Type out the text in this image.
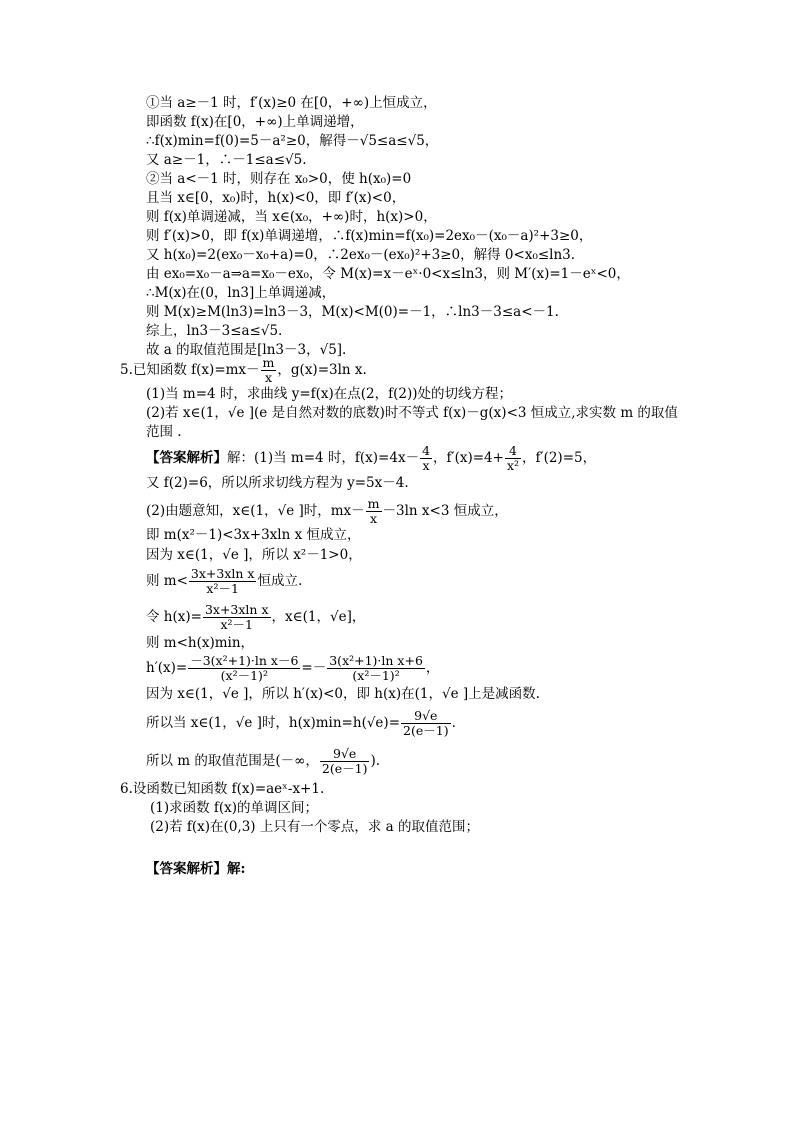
①当 a≥－1 时，f′(x)≥0 在[0，+∞)上恒成立，
即函数 f(x)在[0，+∞)上单调递增，
∴f(x)min=f(0)=5－a²≥0，解得－√5≤a≤√5，
又 a≥－1，∴－1≤a≤√5.
②当 a<－1 时，则存在 x₀>0，使 h(x₀)=0
且当 x∈[0，x₀)时，h(x)<0，即 f′(x)<0，
则 f(x)单调递减，当 x∈(x₀，+∞)时，h(x)>0，
则 f′(x)>0，即 f(x)单调递增，∴f(x)min=f(x₀)=2ex₀－(x₀－a)²+3≥0，
又 h(x₀)=2(ex₀－x₀+a)=0，∴2ex₀－(ex₀)²+3≥0，解得 0<x₀≤ln3.
由 ex₀=x₀－a⇒a=x₀－ex₀，令 M(x)=x－eˣ·0<x≤ln3，则 M′(x)=1－eˣ<0，
∴M(x)在(0，ln3]上单调递减，
则 M(x)≥M(ln3)=ln3－3，M(x)<M(0)=－1，∴ln3－3≤a<－1.
综上，ln3－3≤a≤√5.
故 a 的取值范围是[ln3－3，√5].
5.已知函数 $f(x)=mx- \frac{m}{x}$ ，g(x)=3ln x.
(1)当 m=4 时，求曲线 y=f(x)在点(2，f(2))处的切线方程；
(2)若 x∈(1，√e ](e 是自然对数的底数)时不等式 f(x)－g(x)<3 恒成立,求实数 m 的取值
范围 .
【答案解析】解：(1)当 m=4 时，$f(x)=4x- \frac{4}{x}$ ，$f'(x)=4+ \frac{4}{\text{x²}}$ ，f′(2)=5，
又 f(2)=6，所以所求切线方程为 y=5x－4.
(2)由题意知，x∈(1，√e ]时，$mx- \frac{m}{x} -3\ln$ x<3 恒成立，
即 m(x²－1)<3x+3xln x 恒成立，
因为 x∈(1，√e ]，所以 x²－1>0，
则 $m< \frac{\text{3x+3xln x}}{\text{x²－1}}$ 恒成立.
令 $h(x)= \frac{\text{3x+3xln x}}{\text{x²－1}}$ ，x∈(1，√e]，
则 m<h(x)min，
$h'(x)= \frac{\text{－3(x²+1)·ln x－6}}{\text{(x²－1)²}} =- \frac{\text{3(x²+1)·ln x+6}}{\text{(x²－1)²}}$ ，
因为 x∈(1，√e ]，所以 h′(x)<0，即 h(x)在(1，√e ]上是减函数.
所以当 x∈(1，√e ]时，$h(x)\min=h(√e)= \frac{9√e}{2(e-1)}$ .
所以 m 的取值范围是(－∞， $\frac{9√e}{2(e-1)}$ ).
6.设函数已知函数 f(x)=aeˣ-x+1.
(1)求函数 f(x)的单调区间；
(2)若 f(x)在(0,3) 上只有一个零点，求 a 的取值范围；
【答案解析】解:
